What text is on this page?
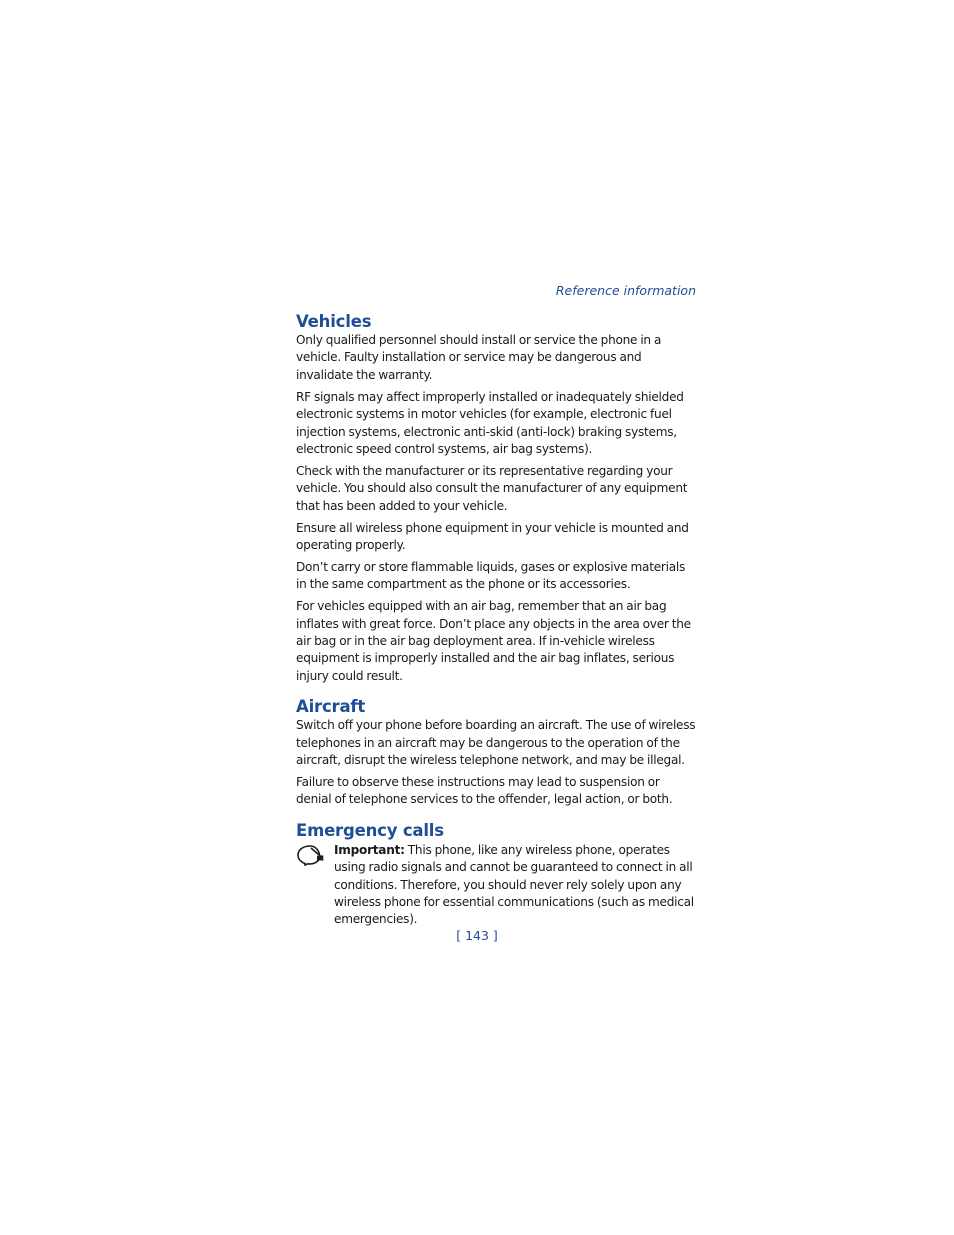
Reference information
Vehicles

Only qualified personnel should install or service the phone in a vehicle. Faulty installation or service may be dangerous and invalidate the warranty.

RF signals may affect improperly installed or inadequately shielded electronic systems in motor vehicles (for example, electronic fuel injection systems, electronic anti-skid (anti-lock) braking systems, electronic speed control systems, air bag systems).

Check with the manufacturer or its representative regarding your vehicle. You should also consult the manufacturer of any equipment that has been added to your vehicle.

Ensure all wireless phone equipment in your vehicle is mounted and operating properly.

Don’t carry or store flammable liquids, gases or explosive materials in the same compartment as the phone or its accessories.

For vehicles equipped with an air bag, remember that an air bag inflates with great force. Don’t place any objects in the area over the air bag or in the air bag deployment area. If in-vehicle wireless equipment is improperly installed and the air bag inflates, serious injury could result.

Aircraft

Switch off your phone before boarding an aircraft. The use of wireless telephones in an aircraft may be dangerous to the operation of the aircraft, disrupt the wireless telephone network, and may be illegal.

Failure to observe these instructions may lead to suspension or denial of telephone services to the offender, legal action, or both.

Emergency calls

Important: This phone, like any wireless phone, operates using radio signals and cannot be guaranteed to connect in all conditions. Therefore, you should never rely solely upon any wireless phone for essential communications (such as medical emergencies).

[ 143 ]
